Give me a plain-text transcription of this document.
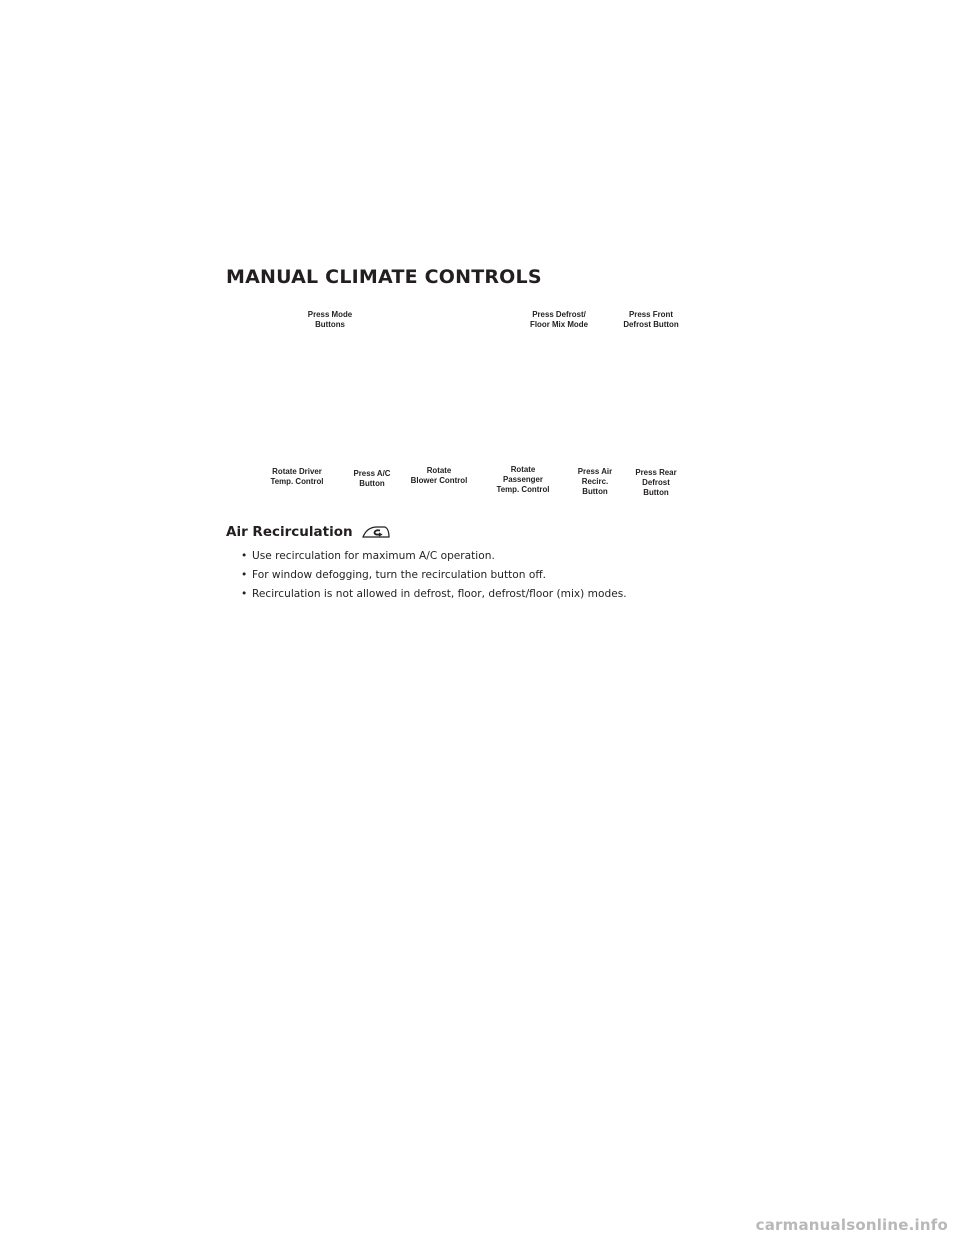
MANUAL CLIMATE CONTROLS
Press Mode
Buttons
Press Defrost/
Floor Mix Mode
Press Front
Defrost Button
Rotate Driver
Temp. Control
Press A/C
Button
Rotate
Blower Control
Rotate
Passenger
Temp. Control
Press Air
Recirc.
Button
Press Rear
Defrost
Button
Air Recirculation
• Use recirculation for maximum A/C operation.
• For window defogging, turn the recirculation button off.
• Recirculation is not allowed in defrost, floor, defrost/floor (mix) modes.
carmanualsonline.info
